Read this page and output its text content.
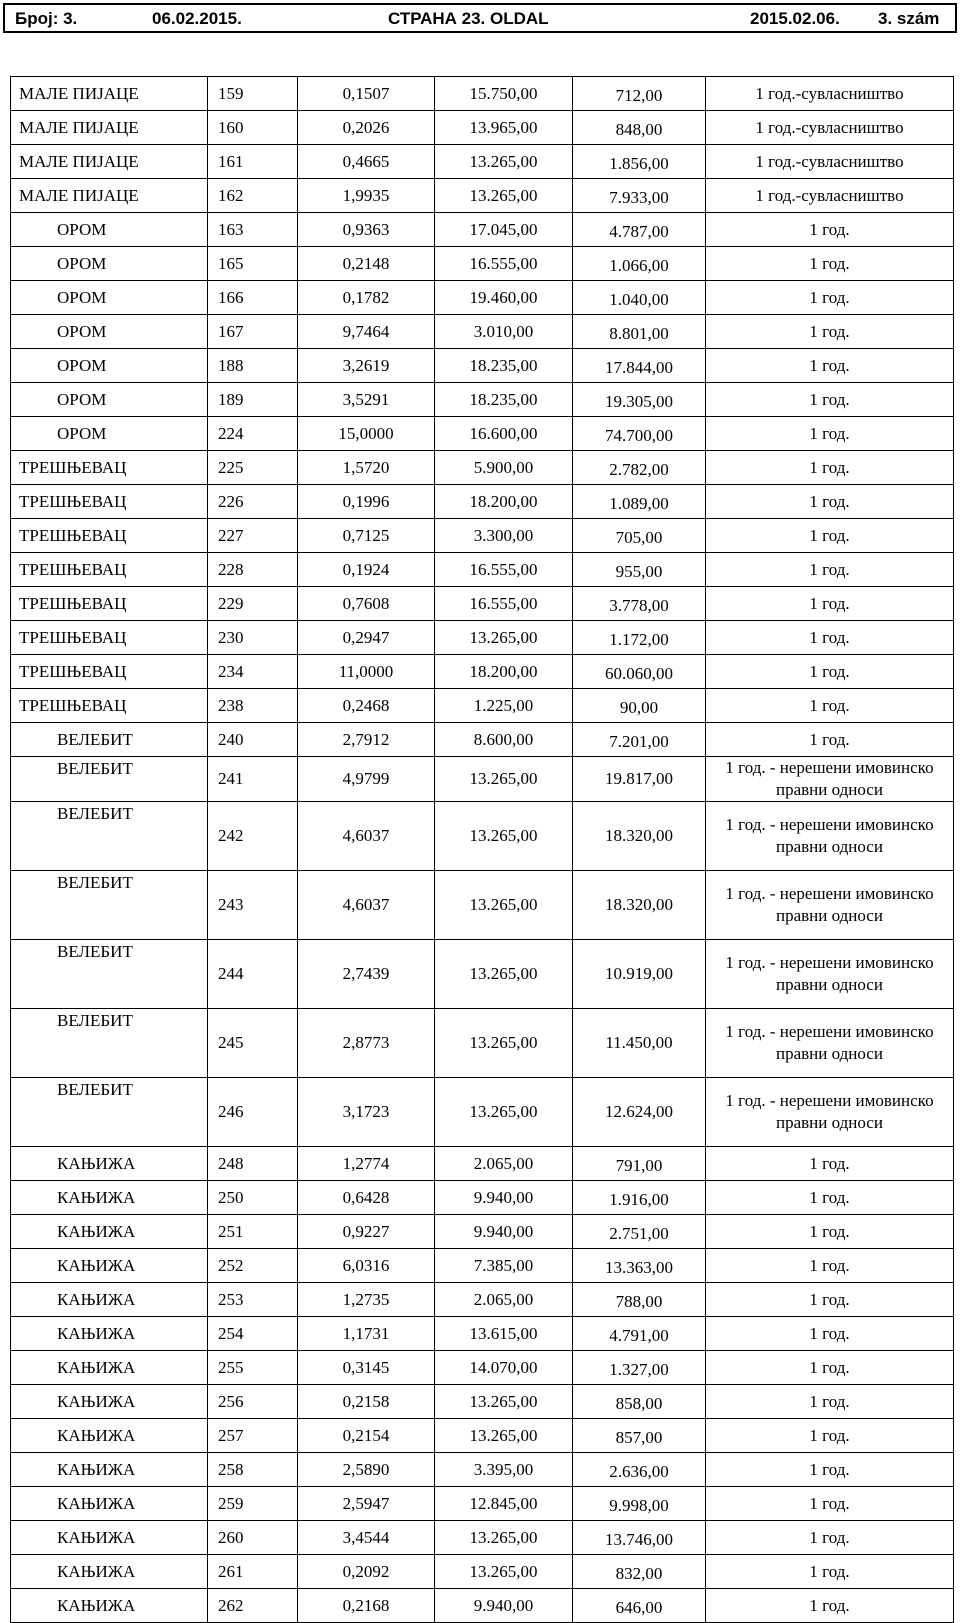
Број: 3.	06.02.2015.	СТРАНА 23. OLDAL	2015.02.06. 3. szám
МАЛЕ ПИЈАЦЕ	159	0,1507	15.750,00	712,00	1 год.-сувласништво
МАЛЕ ПИЈАЦЕ	160	0,2026	13.965,00	848,00	1 год.-сувласништво
МАЛЕ ПИЈАЦЕ	161	0,4665	13.265,00	1.856,00	1 год.-сувласништво
МАЛЕ ПИЈАЦЕ	162	1,9935	13.265,00	7.933,00	1 год.-сувласништво
ОРОМ	163	0,9363	17.045,00	4.787,00	1 год.
ОРОМ	165	0,2148	16.555,00	1.066,00	1 год.
ОРОМ	166	0,1782	19.460,00	1.040,00	1 год.
ОРОМ	167	9,7464	3.010,00	8.801,00	1 год.
ОРОМ	188	3,2619	18.235,00	17.844,00	1 год.
ОРОМ	189	3,5291	18.235,00	19.305,00	1 год.
ОРОМ	224	15,0000	16.600,00	74.700,00	1 год.
ТРЕШЊЕВАЦ	225	1,5720	5.900,00	2.782,00	1 год.
ТРЕШЊЕВАЦ	226	0,1996	18.200,00	1.089,00	1 год.
ТРЕШЊЕВАЦ	227	0,7125	3.300,00	705,00	1 год.
ТРЕШЊЕВАЦ	228	0,1924	16.555,00	955,00	1 год.
ТРЕШЊЕВАЦ	229	0,7608	16.555,00	3.778,00	1 год.
ТРЕШЊЕВАЦ	230	0,2947	13.265,00	1.172,00	1 год.
ТРЕШЊЕВАЦ	234	11,0000	18.200,00	60.060,00	1 год.
ТРЕШЊЕВАЦ	238	0,2468	1.225,00	90,00	1 год.
ВЕЛЕБИТ	240	2,7912	8.600,00	7.201,00	1 год.
ВЕЛЕБИТ	241	4,9799	13.265,00	19.817,00	1 год. - нерешени имовинско правни односи
ВЕЛЕБИТ	242	4,6037	13.265,00	18.320,00	1 год. - нерешени имовинско правни односи
ВЕЛЕБИТ	243	4,6037	13.265,00	18.320,00	1 год. - нерешени имовинско правни односи
ВЕЛЕБИТ	244	2,7439	13.265,00	10.919,00	1 год. - нерешени имовинско правни односи
ВЕЛЕБИТ	245	2,8773	13.265,00	11.450,00	1 год. - нерешени имовинско правни односи
ВЕЛЕБИТ	246	3,1723	13.265,00	12.624,00	1 год. - нерешени имовинско правни односи
КАЊИЖА	248	1,2774	2.065,00	791,00	1 год.
КАЊИЖА	250	0,6428	9.940,00	1.916,00	1 год.
КАЊИЖА	251	0,9227	9.940,00	2.751,00	1 год.
КАЊИЖА	252	6,0316	7.385,00	13.363,00	1 год.
КАЊИЖА	253	1,2735	2.065,00	788,00	1 год.
КАЊИЖА	254	1,1731	13.615,00	4.791,00	1 год.
КАЊИЖА	255	0,3145	14.070,00	1.327,00	1 год.
КАЊИЖА	256	0,2158	13.265,00	858,00	1 год.
КАЊИЖА	257	0,2154	13.265,00	857,00	1 год.
КАЊИЖА	258	2,5890	3.395,00	2.636,00	1 год.
КАЊИЖА	259	2,5947	12.845,00	9.998,00	1 год.
КАЊИЖА	260	3,4544	13.265,00	13.746,00	1 год.
КАЊИЖА	261	0,2092	13.265,00	832,00	1 год.
КАЊИЖА	262	0,2168	9.940,00	646,00	1 год.
